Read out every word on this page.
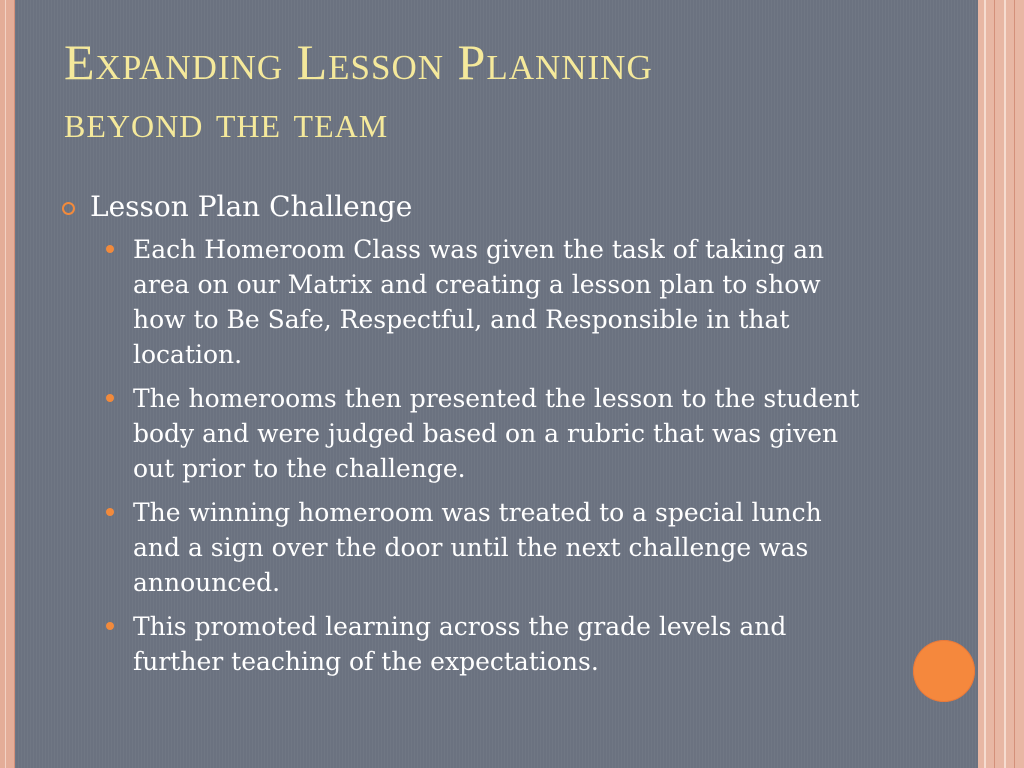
Expanding Lesson Planning
beyond the team
Lesson Plan Challenge
Each Homeroom Class was given the task of taking an area on our Matrix and creating a lesson plan to show how to Be Safe, Respectful, and Responsible in that location.
The homerooms then presented the lesson to the student body and were judged based on a rubric that was given out prior to the challenge.
The winning homeroom was treated to a special lunch and a sign over the door until the next challenge was announced.
This promoted learning across the grade levels and further teaching of the expectations.
